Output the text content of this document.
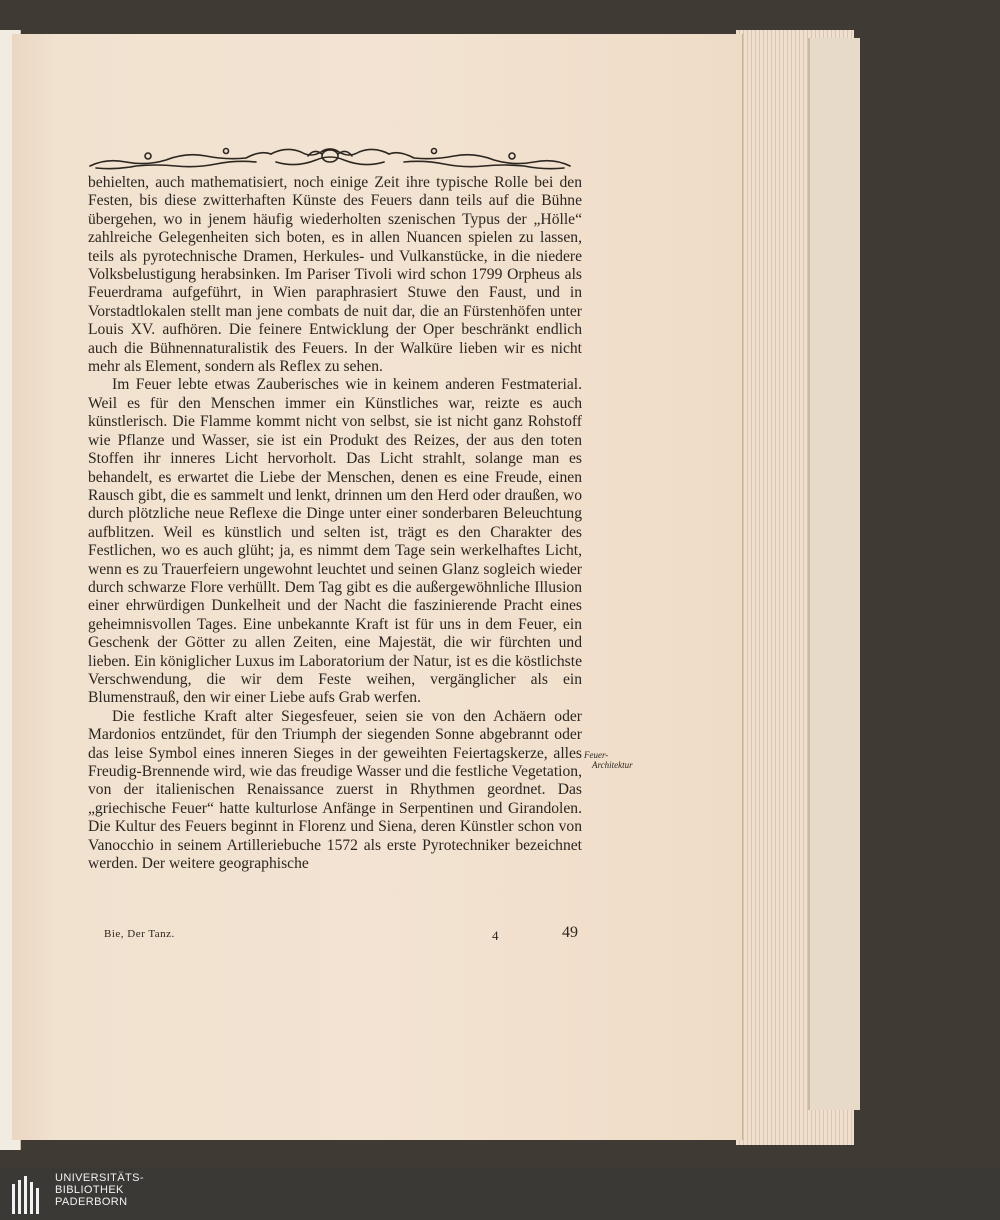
behielten, auch mathematisiert, noch einige Zeit ihre typische Rolle bei den Festen, bis diese zwitterhaften Künste des Feuers dann teils auf die Bühne übergehen, wo in jenem häufig wiederholten szenischen Typus der „Hölle“ zahlreiche Gelegenheiten sich boten, es in allen Nuancen spielen zu lassen, teils als pyrotechnische Dramen, Herkules- und Vulkanstücke, in die niedere Volksbelustigung herabsinken. Im Pariser Tivoli wird schon 1799 Orpheus als Feuerdrama aufgeführt, in Wien paraphrasiert Stuwe den Faust, und in Vorstadtlokalen stellt man jene combats de nuit dar, die an Fürstenhöfen unter Louis XV. aufhören. Die feinere Entwicklung der Oper beschränkt endlich auch die Bühnennaturalistik des Feuers. In der Walküre lieben wir es nicht mehr als Element, sondern als Reflex zu sehen.

Im Feuer lebte etwas Zauberisches wie in keinem anderen Festmaterial. Weil es für den Menschen immer ein Künstliches war, reizte es auch künstlerisch. Die Flamme kommt nicht von selbst, sie ist nicht ganz Rohstoff wie Pflanze und Wasser, sie ist ein Produkt des Reizes, der aus den toten Stoffen ihr inneres Licht hervorholt. Das Licht strahlt, solange man es behandelt, es erwartet die Liebe der Menschen, denen es eine Freude, einen Rausch gibt, die es sammelt und lenkt, drinnen um den Herd oder draußen, wo durch plötzliche neue Reflexe die Dinge unter einer sonderbaren Beleuchtung aufblitzen. Weil es künstlich und selten ist, trägt es den Charakter des Festlichen, wo es auch glüht; ja, es nimmt dem Tage sein werkelhaftes Licht, wenn es zu Trauerfeiern ungewohnt leuchtet und seinen Glanz sogleich wieder durch schwarze Flore verhüllt. Dem Tag gibt es die außergewöhnliche Illusion einer ehrwürdigen Dunkelheit und der Nacht die faszinierende Pracht eines geheimnisvollen Tages. Eine unbekannte Kraft ist für uns in dem Feuer, ein Geschenk der Götter zu allen Zeiten, eine Majestät, die wir fürchten und lieben. Ein königlicher Luxus im Laboratorium der Natur, ist es die köstlichste Verschwendung, die wir dem Feste weihen, vergänglicher als ein Blumenstrauß, den wir einer Liebe aufs Grab werfen.

Die festliche Kraft alter Siegesfeuer, seien sie von den Achäern oder Mardonios entzündet, für den Triumph der siegenden Sonne abgebrannt oder das leise Symbol eines inneren Sieges in der geweihten Feiertagskerze, alles Freudig-Brennende wird, wie das freudige Wasser und die festliche Vegetation, von der italienischen Renaissance zuerst in Rhythmen geordnet. Das „griechische Feuer“ hatte kulturlose Anfänge in Serpentinen und Girandolen. Die Kultur des Feuers beginnt in Florenz und Siena, deren Künstler schon von Vanocchio in seinem Artilleriebuche 1572 als erste Pyrotechniker bezeichnet werden. Der weitere geographische

Feuer-
Architektur
Bie, Der Tanz.	4	49
UNIVERSITÄTS-
BIBLIOTHEK
PADERBORN
